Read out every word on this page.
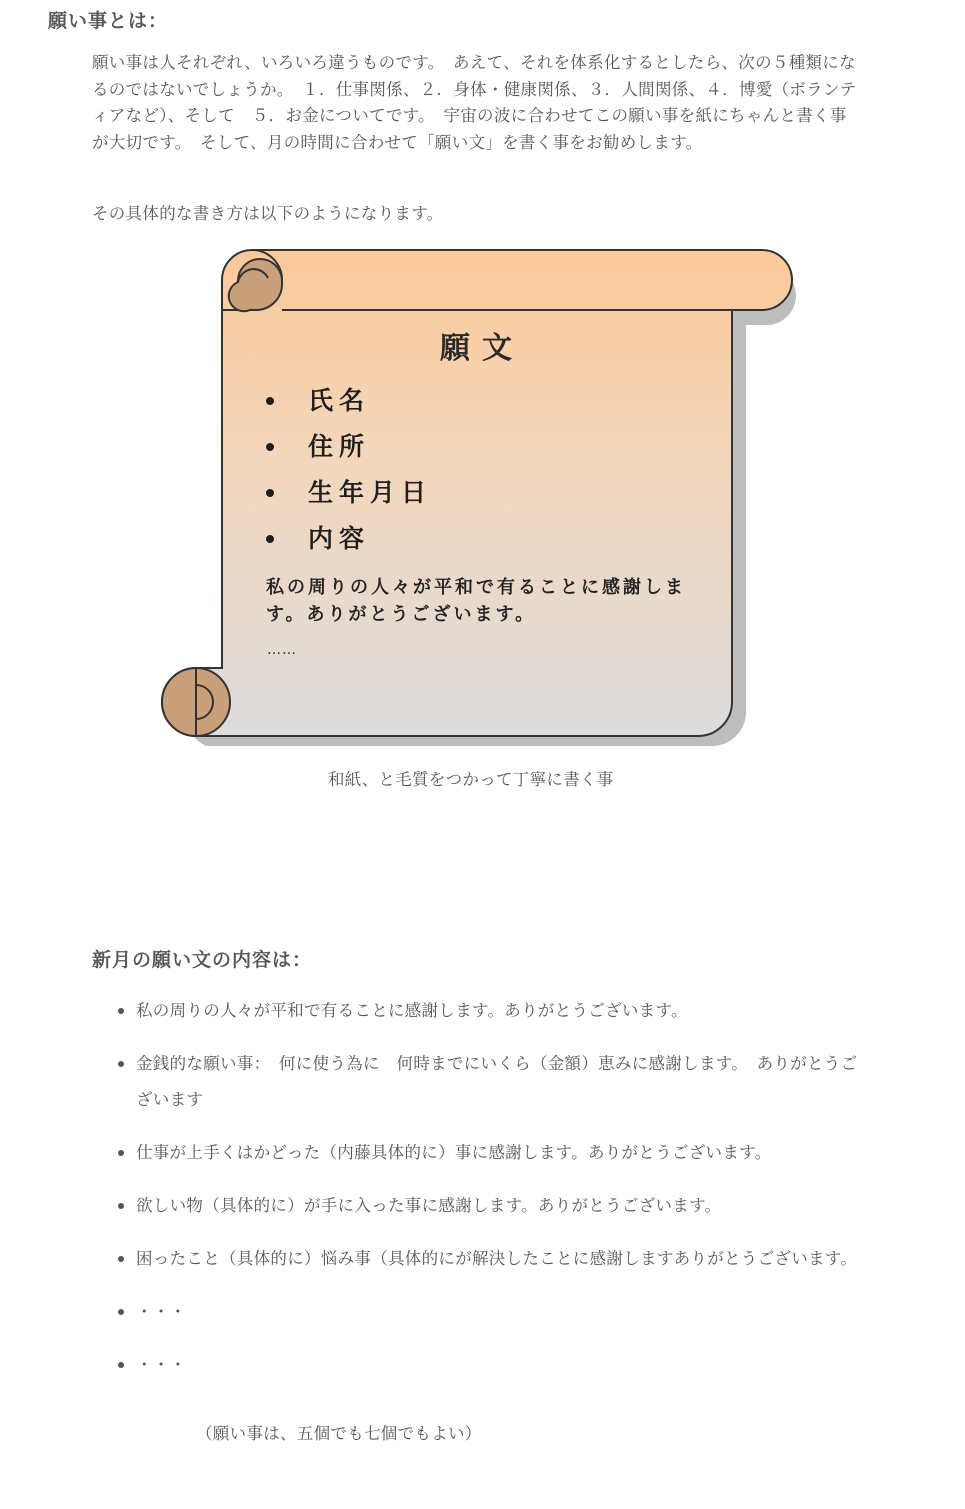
願い事とは：

願い事は人それぞれ、いろいろ違うものです。　あえて、それを体系化するとしたら、次の５種類になるのではないでしょうか。　１．仕事関係、２．身体・健康関係、３．人間関係、４．博愛（ボランティアなど）、そして　５．お金についてです。　宇宙の波に合わせてこの願い事を紙にちゃんと書く事が大切です。　そして、月の時間に合わせて「願い文」を書く事をお勧めします。

その具体的な書き方は以下のようになります。
願文
氏名
住所
生年月日
内容
私の周りの人々が平和で有ることに感謝します。ありがとうございます。
……
和紙、と毛質をつかって丁寧に書く事
新月の願い文の内容は：
私の周りの人々が平和で有ることに感謝します。ありがとうございます。
金銭的な願い事：　何に使う為に　何時までにいくら（金額）恵みに感謝します。　ありがとうございます
仕事が上手くはかどった（内藤具体的に）事に感謝します。ありがとうございます。
欲しい物（具体的に）が手に入った事に感謝します。ありがとうございます。
困ったこと（具体的に）悩み事（具体的にが解決したことに感謝しますありがとうございます。
・・・
・・・
（願い事は、五個でも七個でもよい）
